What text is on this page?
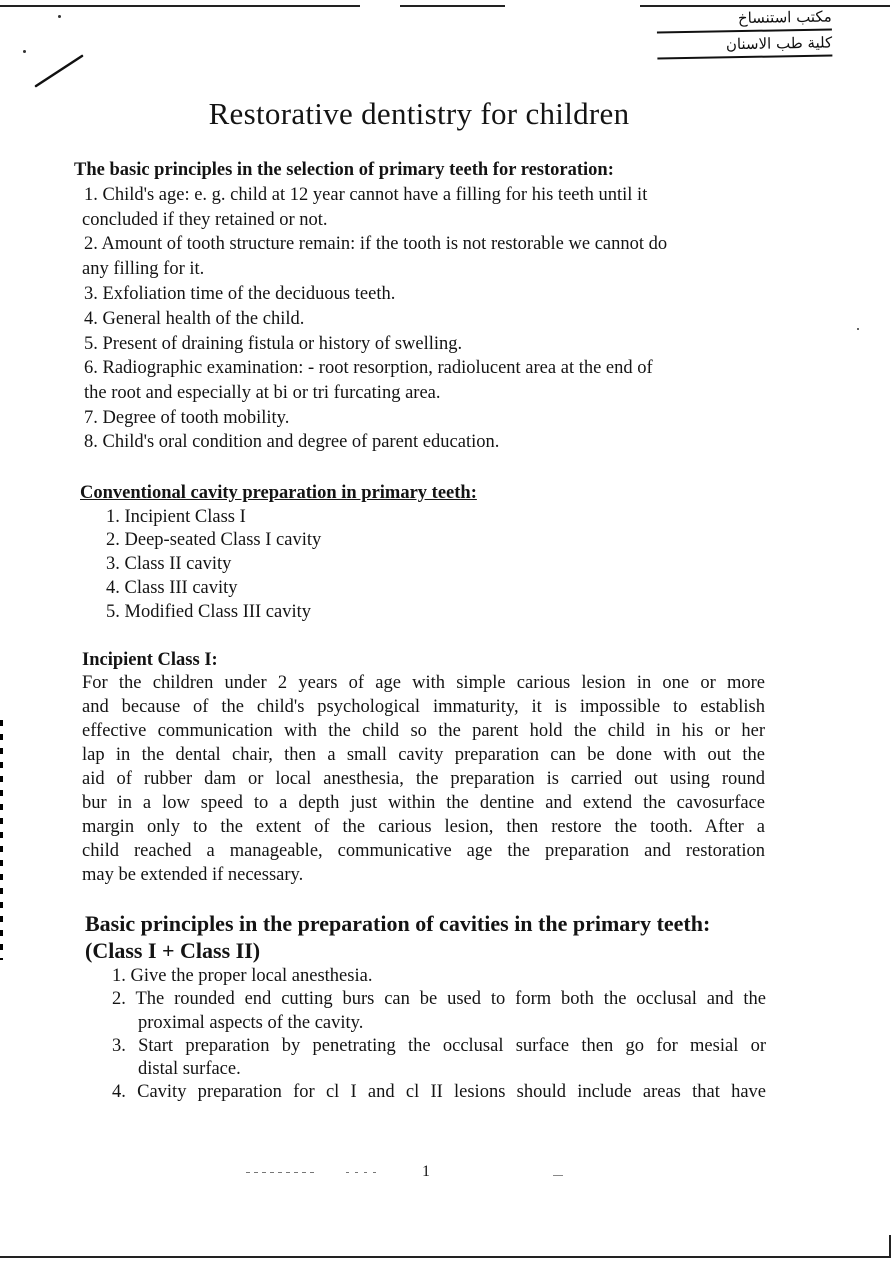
مكتب استنساخ
كلية طب الاسنان
Restorative dentistry for children
The basic principles in the selection of primary teeth for restoration:
1. Child's age: e. g. child at 12 year cannot have a filling for his teeth until it
concluded if they retained or not.
2. Amount of tooth structure remain: if the tooth is not restorable we cannot do
any filling for it.
3. Exfoliation time of the deciduous teeth.
4. General health of the child.
5. Present of draining fistula or history of swelling.
6. Radiographic examination: - root resorption, radiolucent area at the end of
the root and especially at bi or tri furcating area.
7. Degree of tooth mobility.
8. Child's oral condition and degree of parent education.
Conventional cavity preparation in primary teeth:
1. Incipient Class I
2. Deep-seated Class I cavity
3. Class II cavity
4. Class III cavity
5. Modified Class III cavity
Incipient Class I:
For the children under 2 years of age with simple carious lesion in one or more
and because of the child's psychological immaturity, it is impossible to establish
effective communication with the child so the parent hold the child in his or her
lap in the dental chair, then a small cavity preparation can be done with out the
aid of rubber dam or local anesthesia, the preparation is carried out using round
bur in a low speed to a depth just within the dentine and extend the cavosurface
margin only to the extent of the carious lesion, then restore the tooth. After a
child reached a manageable, communicative age the preparation and restoration
may be extended if necessary.
Basic principles in the preparation of cavities in the primary teeth:
(Class I + Class II)
1. Give the proper local anesthesia.
2. The rounded end cutting burs can be used to form both the occlusal and the
proximal aspects of the cavity.
3. Start preparation by penetrating the occlusal surface then go for mesial or
distal surface.
4. Cavity preparation for cl I and cl II lesions should include areas that have
1
